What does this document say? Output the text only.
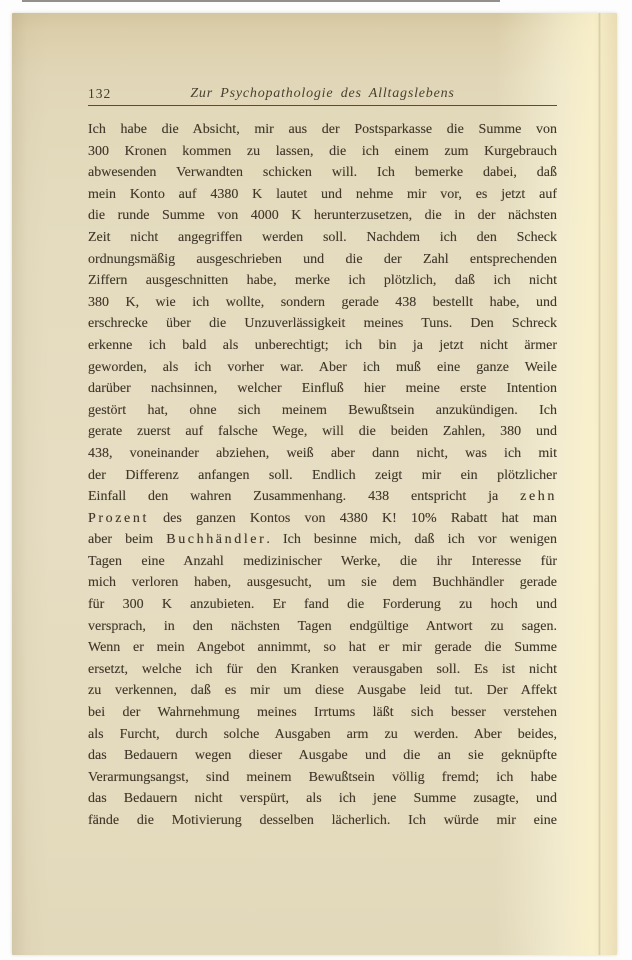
132	Zur Psychopathologie des Alltagslebens
Ich habe die Absicht, mir aus der Postsparkasse die Summe von
300 Kronen kommen zu lassen, die ich einem zum Kurgebrauch
abwesenden Verwandten schicken will. Ich bemerke dabei, daß
mein Konto auf 4380 K lautet und nehme mir vor, es jetzt auf
die runde Summe von 4000 K herunterzusetzen, die in der nächsten
Zeit nicht angegriffen werden soll. Nachdem ich den Scheck
ordnungsmäßig ausgeschrieben und die der Zahl entsprechenden
Ziffern ausgeschnitten habe, merke ich plötzlich, daß ich nicht
380 K, wie ich wollte, sondern gerade 438 bestellt habe, und
erschrecke über die Unzuverlässigkeit meines Tuns. Den Schreck
erkenne ich bald als unberechtigt; ich bin ja jetzt nicht ärmer
geworden, als ich vorher war. Aber ich muß eine ganze Weile
darüber nachsinnen, welcher Einfluß hier meine erste Intention
gestört hat, ohne sich meinem Bewußtsein anzukündigen. Ich
gerate zuerst auf falsche Wege, will die beiden Zahlen, 380 und
438, voneinander abziehen, weiß aber dann nicht, was ich mit
der Differenz anfangen soll. Endlich zeigt mir ein plötzlicher
Einfall den wahren Zusammenhang. 438 entspricht ja zehn
Prozent des ganzen Kontos von 4380 K! 10% Rabatt hat man
aber beim Buchhändler. Ich besinne mich, daß ich vor wenigen
Tagen eine Anzahl medizinischer Werke, die ihr Interesse für
mich verloren haben, ausgesucht, um sie dem Buchhändler gerade
für 300 K anzubieten. Er fand die Forderung zu hoch und
versprach, in den nächsten Tagen endgültige Antwort zu sagen.
Wenn er mein Angebot annimmt, so hat er mir gerade die Summe
ersetzt, welche ich für den Kranken verausgaben soll. Es ist nicht
zu verkennen, daß es mir um diese Ausgabe leid tut. Der Affekt
bei der Wahrnehmung meines Irrtums läßt sich besser verstehen
als Furcht, durch solche Ausgaben arm zu werden. Aber beides,
das Bedauern wegen dieser Ausgabe und die an sie geknüpfte
Verarmungsangst, sind meinem Bewußtsein völlig fremd; ich habe
das Bedauern nicht verspürt, als ich jene Summe zusagte, und
fände die Motivierung desselben lächerlich. Ich würde mir eine
